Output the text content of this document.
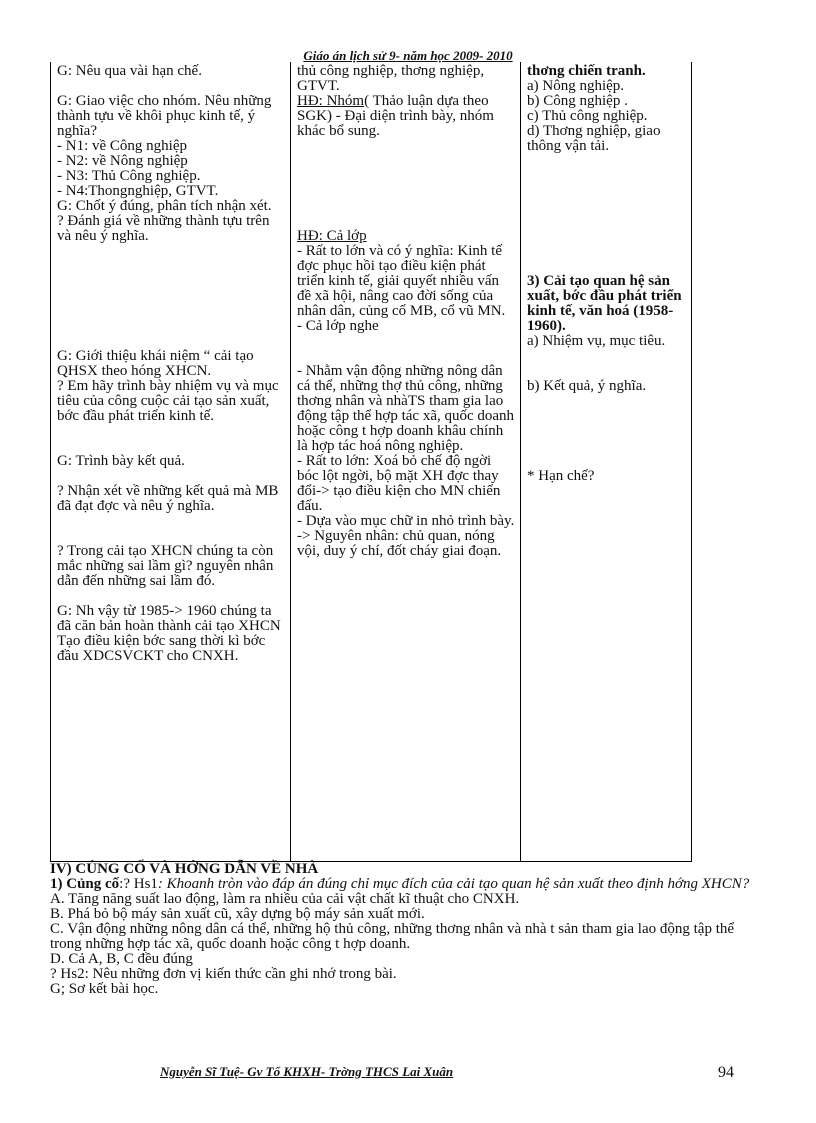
Giáo án lịch sử 9- năm học 2009- 2010

G: Nêu qua vài hạn chế.

G: Giao việc cho nhóm. Nêu những thành tựu về khôi phục kinh tế, ý nghĩa?

- N1: về Công nghiệp

- N2: về Nông nghiệp

- N3: Thủ Công nghiệp.

- N4:Thongnghiệp, GTVT.

G: Chốt ý đúng, phân tích nhận xét.

? Đánh giá về những thành tựu trên và nêu ý nghĩa.

G: Giới thiệu khái niệm “ cải tạo QHSX theo hóng XHCN.

? Em hãy trình bày nhiệm vụ và mục tiêu của công cuộc cải tạo sản xuất, bớc đầu phát triển kinh tế.

G: Trình bày kết quả.

? Nhận xét về những kết quả mà MB đã đạt đợc và nêu ý nghĩa.

? Trong cải tạo XHCN chúng ta còn mắc những sai lầm gì? nguyên nhân dẫn đến những sai lầm đó.

G: Nh vậy từ 1985-> 1960 chúng ta đã căn bản hoàn thành cải tạo XHCN Tạo điều kiện bớc sang thời kì bớc đầu XDCSVCKT cho CNXH.

thủ công nghiệp, thơng nghiệp, GTVT.

HĐ: Nhóm( Thảo luận dựa theo SGK) - Đại diện trình bày, nhóm khác bổ sung.

HĐ: Cả lớp

- Rất to lớn và có ý nghĩa: Kinh tế đợc phục hồi tạo điều kiện phát triển kinh tế, giải quyết nhiều vấn đề xã hội, nâng cao đời sống của nhân dân, củng cố MB, cổ vũ MN.

- Cả lớp nghe

- Nhằm vận động những nông dân cá thể, những thợ thủ công, những thơng nhân và nhàTS tham gia lao động tập thể hợp tác xã, quốc doanh hoặc công t hợp doanh khâu chính là hợp tác hoá nông nghiệp.

- Rất to lớn: Xoá bỏ chế độ ngời bóc lột ngời, bộ mặt XH đợc thay đổi-> tạo điều kiện cho MN chiến đấu.

- Dựa vào mục chữ in nhỏ trình bày.

-> Nguyên nhân: chủ quan, nóng vội, duy ý chí, đốt cháy giai đoạn.

thơng chiến tranh.

a) Nông nghiệp.

b) Công nghiệp .

c) Thủ công nghiệp.

d) Thơng nghiệp, giao thông vận tải.

3) Cải tạo quan hệ sản xuất, bớc đầu phát triển kinh tế, văn hoá (1958-1960).

a) Nhiệm vụ, mục tiêu.

b) Kết quả, ý nghĩa.

* Hạn chế?

IV) CỦNG CỐ VÀ HỚNG DẪN VỀ NHÀ

1) Củng cố:? Hs1: Khoanh tròn vào đáp án đúng chỉ mục đích của cải tạo quan hệ sản xuất theo định hớng XHCN?

A. Tăng năng suất lao động, làm ra nhiều của cải vật chất kĩ thuật cho CNXH.

B. Phá bỏ bộ máy sản xuất cũ, xây dựng bộ máy sản xuất mới.

C. Vận động những nông dân cá thể, những hộ thủ công, những thơng nhân và nhà t sản tham gia lao động tập thể trong những hợp tác xã, quốc doanh hoặc công t hợp doanh.

D. Cả A, B, C đều đúng

? Hs2: Nêu những đơn vị kiến thức cần ghi nhớ trong bài.

G; Sơ kết bài học.

Nguyễn Sĩ Tuệ- Gv Tổ KHXH- Trờng THCS Lai Xuân	94
